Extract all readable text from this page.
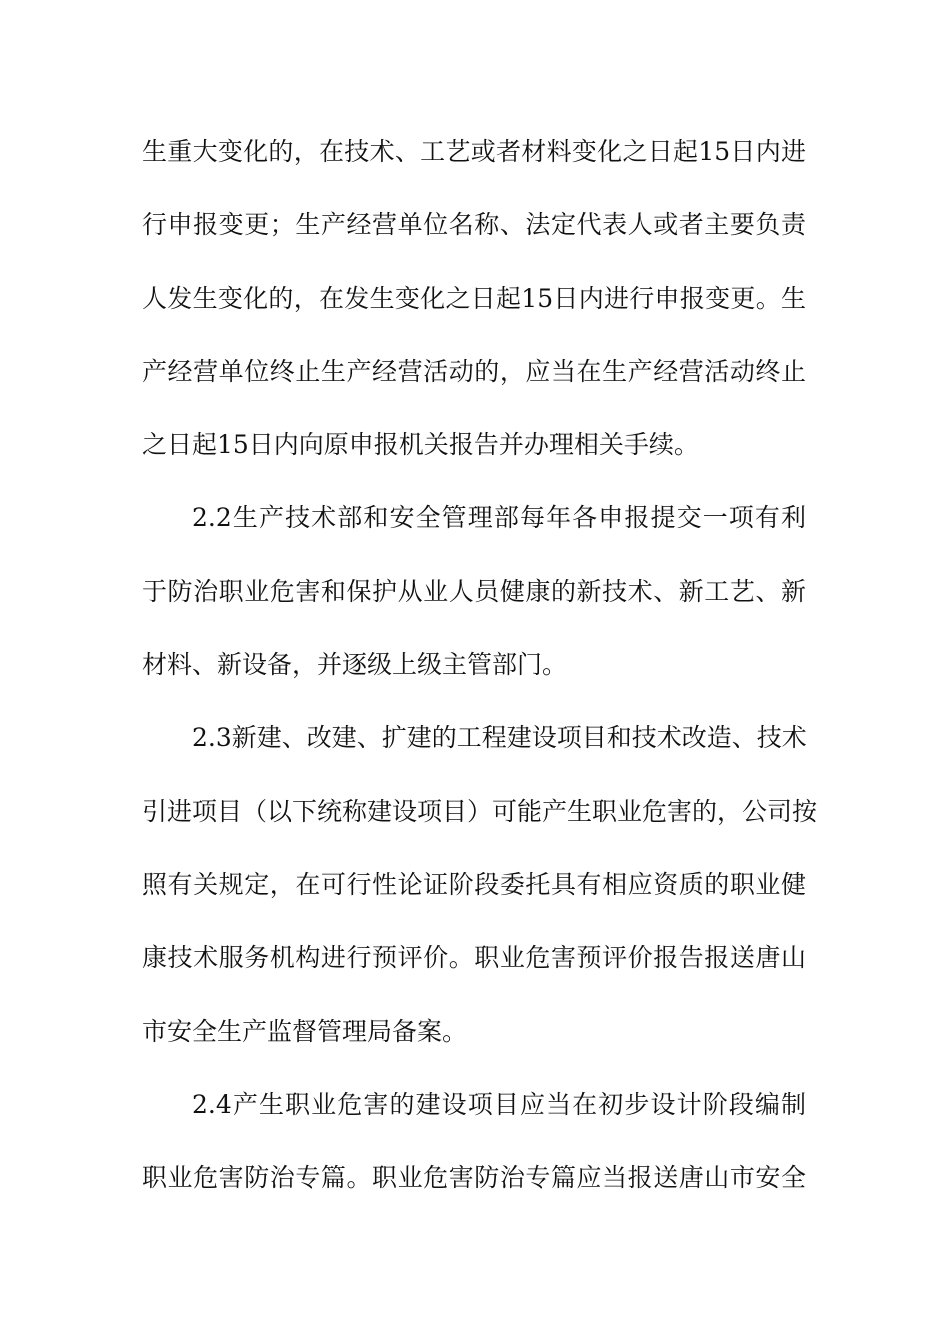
生重大变化的，在技术、工艺或者材料变化之日起15日内进
行申报变更；生产经营单位名称、法定代表人或者主要负责
人发生变化的，在发生变化之日起15日内进行申报变更。生
产经营单位终止生产经营活动的，应当在生产经营活动终止
之日起15日内向原申报机关报告并办理相关手续。
2.2生产技术部和安全管理部每年各申报提交一项有利
于防治职业危害和保护从业人员健康的新技术、新工艺、新
材料、新设备，并逐级上级主管部门。
2.3新建、改建、扩建的工程建设项目和技术改造、技术
引进项目（以下统称建设项目）可能产生职业危害的，公司按
照有关规定，在可行性论证阶段委托具有相应资质的职业健
康技术服务机构进行预评价。职业危害预评价报告报送唐山
市安全生产监督管理局备案。
2.4产生职业危害的建设项目应当在初步设计阶段编制
职业危害防治专篇。职业危害防治专篇应当报送唐山市安全
